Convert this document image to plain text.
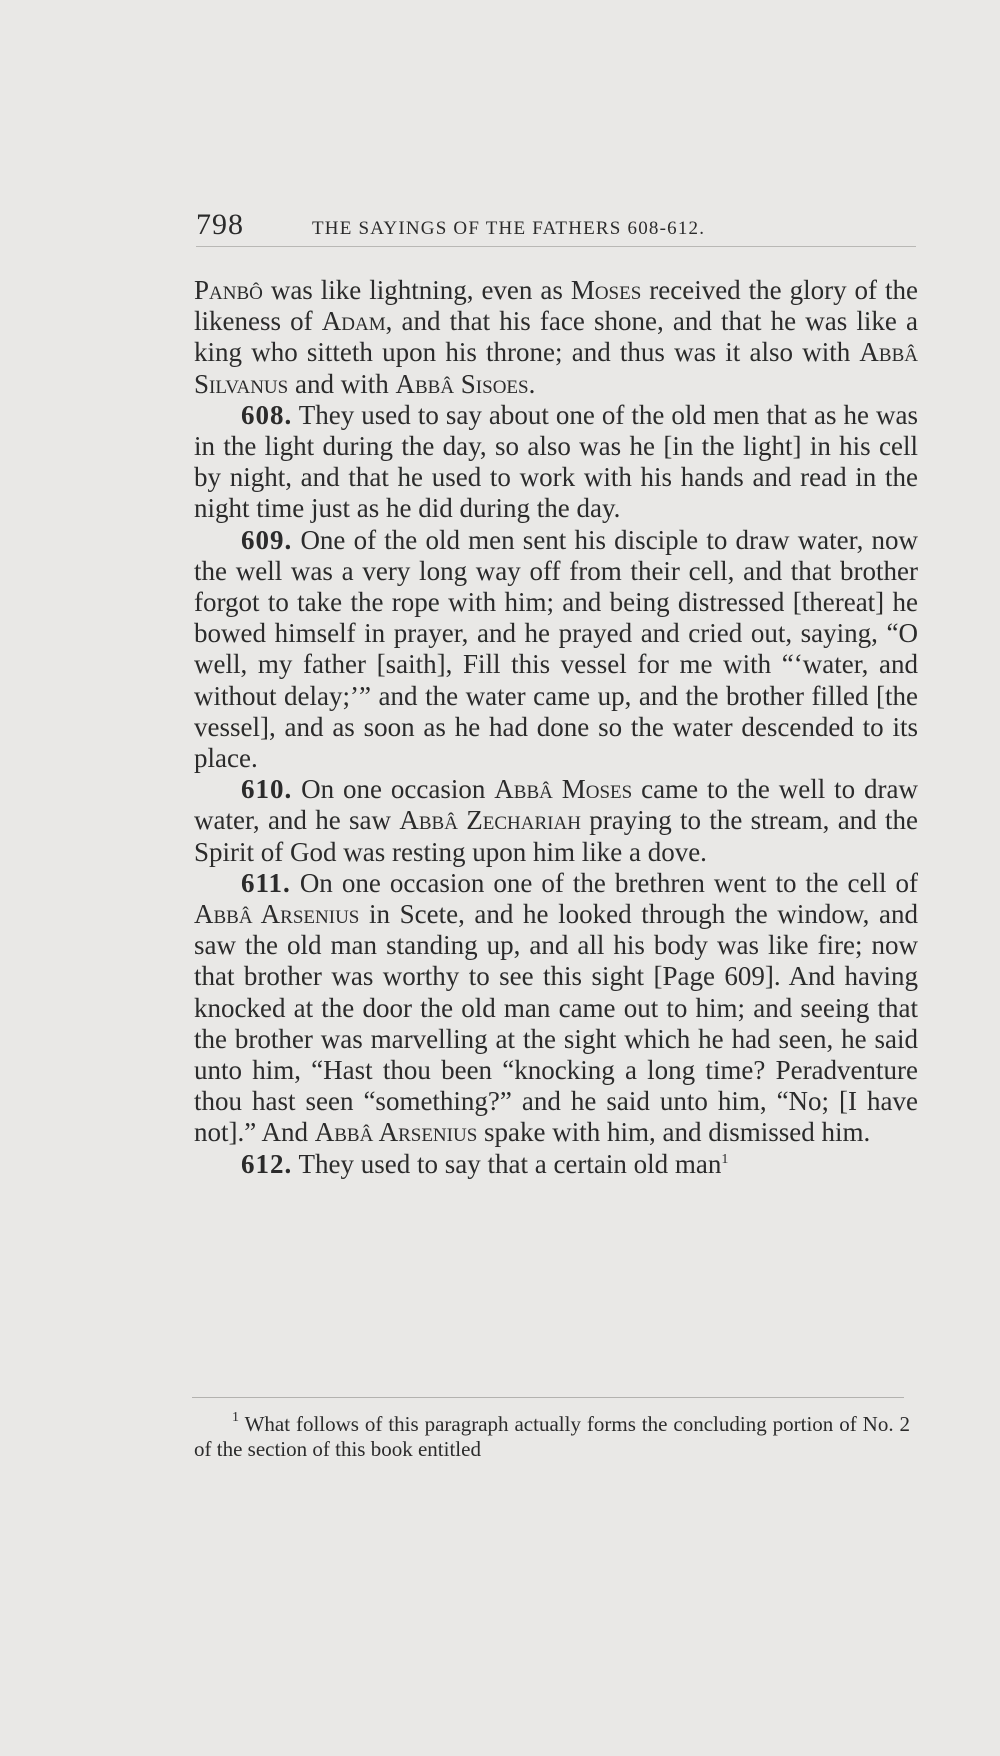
798	THE SAYINGS OF THE FATHERS 608-612.

Panbô was like lightning, even as Moses received the glory of the likeness of Adam, and that his face shone, and that he was like a king who sitteth upon his throne; and thus was it also with Abbâ Silvanus and with Abbâ Sisoes.

608. They used to say about one of the old men that as he was in the light during the day, so also was he [in the light] in his cell by night, and that he used to work with his hands and read in the night time just as he did during the day.

609. One of the old men sent his disciple to draw water, now the well was a very long way off from their cell, and that brother forgot to take the rope with him; and being distressed [thereat] he bowed himself in prayer, and he prayed and cried out, saying, “O well, my father [saith], Fill this vessel for me with “‘water, and without delay;’” and the water came up, and the brother filled [the vessel], and as soon as he had done so the water descended to its place.

610. On one occasion Abbâ Moses came to the well to draw water, and he saw Abbâ Zechariah praying to the stream, and the Spirit of God was resting upon him like a dove.

611. On one occasion one of the brethren went to the cell of Abbâ Arsenius in Scete, and he looked through the window, and saw the old man standing up, and all his body was like fire; now that brother was worthy to see this sight [Page 609]. And having knocked at the door the old man came out to him; and seeing that the brother was marvelling at the sight which he had seen, he said unto him, “Hast thou been “knocking a long time? Peradventure thou hast seen “something?” and he said unto him, “No; [I have not].” And Abbâ Arsenius spake with him, and dismissed him.

612. They used to say that a certain old man$^1$

$^1$ What follows of this paragraph actually forms the concluding portion of No. 2 of the section of this book entitled
